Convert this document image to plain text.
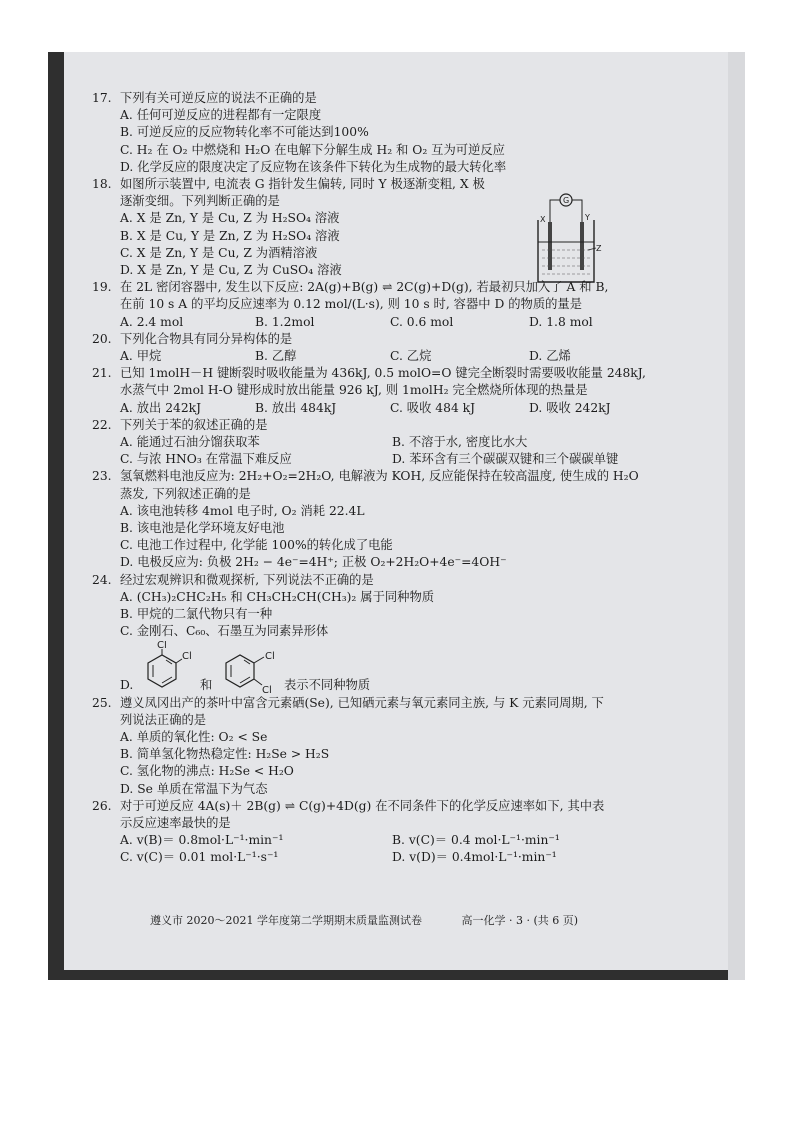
17. 下列有关可逆反应的说法不正确的是
A. 任何可逆反应的进程都有一定限度
B. 可逆反应的反应物转化率不可能达到100%
C. H₂ 在 O₂ 中燃烧和 H₂O 在电解下分解生成 H₂ 和 O₂ 互为可逆反应
D. 化学反应的限度决定了反应物在该条件下转化为生成物的最大转化率
18. 如图所示装置中, 电流表 G 指针发生偏转, 同时 Y 极逐渐变粗, X 极
逐渐变细。下列判断正确的是
A. X 是 Zn, Y 是 Cu, Z 为 H₂SO₄ 溶液
B. X 是 Cu, Y 是 Zn, Z 为 H₂SO₄ 溶液
C. X 是 Zn, Y 是 Cu, Z 为酒精溶液
D. X 是 Zn, Y 是 Cu, Z 为 CuSO₄ 溶液
19. 在 2L 密闭容器中, 发生以下反应: 2A(g)+B(g) ⇌ 2C(g)+D(g), 若最初只加入了 A 和 B,
在前 10 s A 的平均反应速率为 0.12 mol/(L·s), 则 10 s 时, 容器中 D 的物质的量是
A. 2.4 mol	B. 1.2mol	C. 0.6 mol	D. 1.8 mol
20. 下列化合物具有同分异构体的是
A. 甲烷	B. 乙醇	C. 乙烷	D. 乙烯
21. 已知 1molH－H 键断裂时吸收能量为 436kJ, 0.5 molO=O 键完全断裂时需要吸收能量 248kJ,
水蒸气中 2mol H-O 键形成时放出能量 926 kJ, 则 1molH₂ 完全燃烧所体现的热量是
A. 放出 242kJ	B. 放出 484kJ	C. 吸收 484 kJ	D. 吸收 242kJ
22. 下列关于苯的叙述正确的是
A. 能通过石油分馏获取苯	B. 不溶于水, 密度比水大
C. 与浓 HNO₃ 在常温下难反应	D. 苯环含有三个碳碳双键和三个碳碳单键
23. 氢氧燃料电池反应为: 2H₂+O₂=2H₂O, 电解液为 KOH, 反应能保持在较高温度, 使生成的 H₂O
蒸发, 下列叙述正确的是
A. 该电池转移 4mol 电子时, O₂ 消耗 22.4L
B. 该电池是化学环境友好电池
C. 电池工作过程中, 化学能 100%的转化成了电能
D. 电极反应为: 负极 2H₂ − 4e⁻=4H⁺; 正极 O₂+2H₂O+4e⁻=4OH⁻
24. 经过宏观辨识和微观探析, 下列说法不正确的是
A. (CH₃)₂CHC₂H₅ 和 CH₃CH₂CH(CH₃)₂ 属于同种物质
B. 甲烷的二氯代物只有一种
C. 金刚石、C₆₀、石墨互为同素异形体
D.
Cl
Cl
和
Cl
Cl 表示不同种物质
25. 遵义凤冈出产的茶叶中富含元素硒(Se), 已知硒元素与氧元素同主族, 与 K 元素同周期, 下
列说法正确的是
A. 单质的氧化性: O₂ < Se
B. 简单氢化物热稳定性: H₂Se > H₂S
C. 氢化物的沸点: H₂Se < H₂O
D. Se 单质在常温下为气态
26. 对于可逆反应 4A(s)＋ 2B(g) ⇌ C(g)+4D(g) 在不同条件下的化学反应速率如下, 其中表
示反应速率最快的是
A. v(B)＝ 0.8mol·L⁻¹·min⁻¹	B. v(C)＝ 0.4 mol·L⁻¹·min⁻¹
C. v(C)＝ 0.01 mol·L⁻¹·s⁻¹	D. v(D)＝ 0.4mol·L⁻¹·min⁻¹
G
X	Y
Z
遵义市 2020～2021 学年度第二学期期末质量监测试卷	高一化学 · 3 · (共 6 页)
